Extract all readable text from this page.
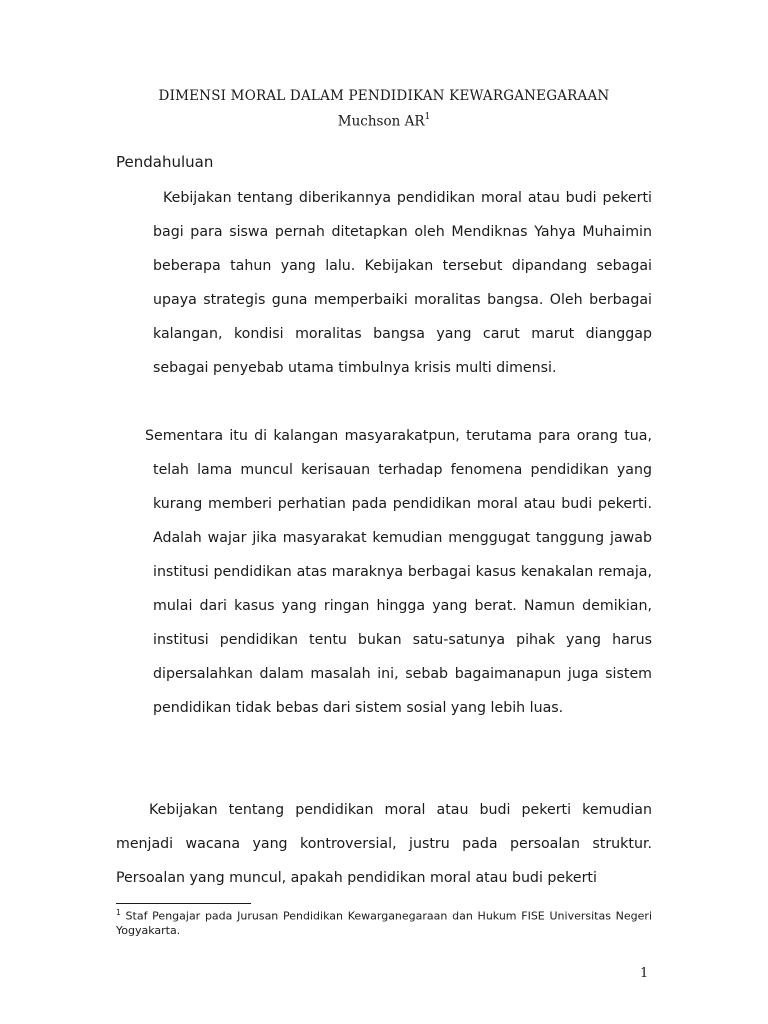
DIMENSI MORAL DALAM PENDIDIKAN KEWARGANEGARAAN
Muchson $AR^1$
Pendahuluan

Kebijakan tentang diberikannya pendidikan moral atau budi pekerti bagi para siswa pernah ditetapkan oleh Mendiknas Yahya Muhaimin beberapa tahun yang lalu. Kebijakan tersebut dipandang sebagai upaya strategis guna memperbaiki moralitas bangsa. Oleh berbagai kalangan, kondisi moralitas bangsa yang carut marut dianggap sebagai penyebab utama timbulnya krisis multi dimensi.

Sementara itu di kalangan masyarakatpun, terutama para orang tua, telah lama muncul kerisauan terhadap fenomena pendidikan yang kurang memberi perhatian pada pendidikan moral atau budi pekerti. Adalah wajar jika masyarakat kemudian menggugat tanggung jawab institusi pendidikan atas maraknya berbagai kasus kenakalan remaja, mulai dari kasus yang ringan hingga yang berat. Namun demikian, institusi pendidikan tentu bukan satu-satunya pihak yang harus dipersalahkan dalam masalah ini, sebab bagaimanapun juga sistem pendidikan tidak bebas dari sistem sosial yang lebih luas.

Kebijakan tentang pendidikan moral atau budi pekerti kemudian menjadi wacana yang kontroversial, justru pada persoalan struktur. Persoalan yang muncul, apakah pendidikan moral atau budi pekerti

$^1$ Staf Pengajar pada Jurusan Pendidikan Kewarganegaraan dan Hukum FISE Universitas Negeri Yogyakarta.

1
